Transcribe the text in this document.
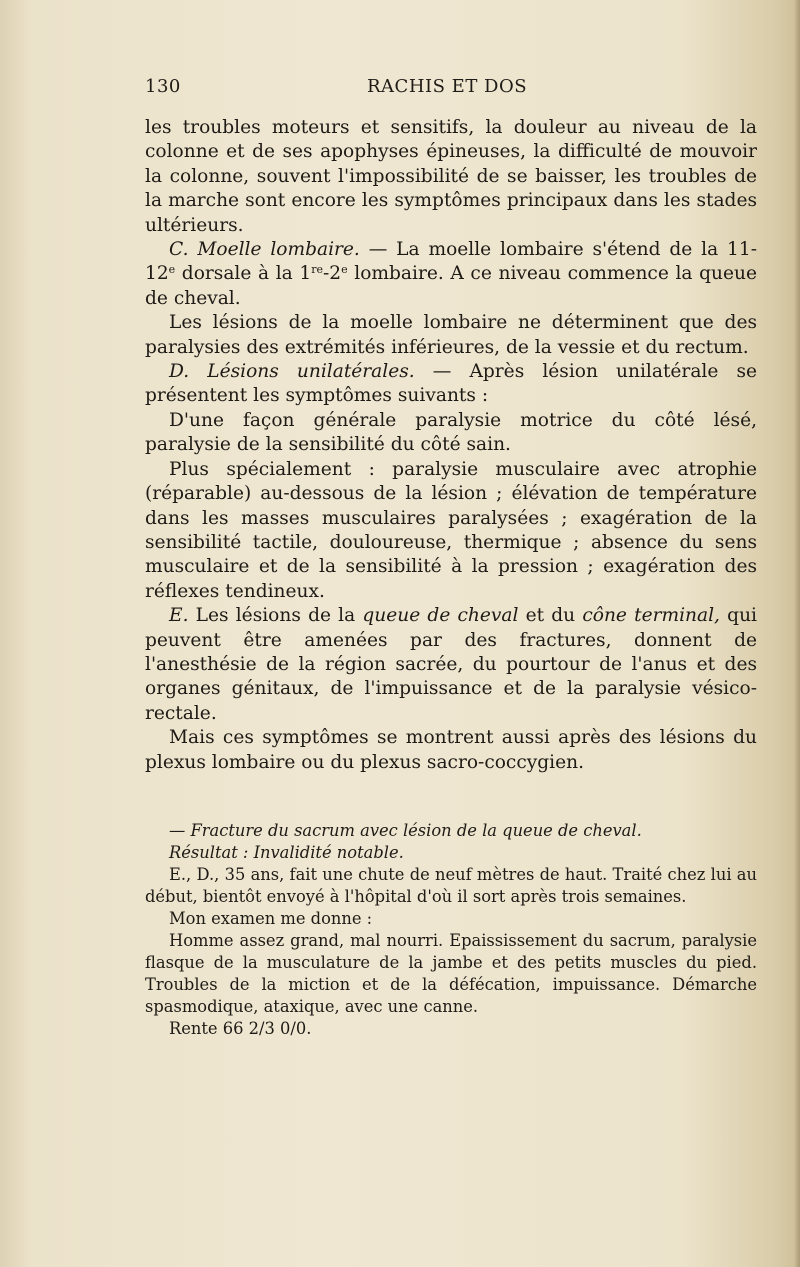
130	RACHIS ET DOS

les troubles moteurs et sensitifs, la douleur au niveau de la colonne et de ses apophyses épineuses, la difficulté de mouvoir la colonne, souvent l'impossibilité de se baisser, les troubles de la marche sont encore les symptômes principaux dans les stades ultérieurs.

C. Moelle lombaire. — La moelle lombaire s'étend de la 11-12e dorsale à la 1re-2e lombaire. A ce niveau commence la queue de cheval.

Les lésions de la moelle lombaire ne déterminent que des paralysies des extrémités inférieures, de la vessie et du rectum.

D. Lésions unilatérales. — Après lésion unilatérale se présentent les symptômes suivants :

D'une façon générale paralysie motrice du côté lésé, paralysie de la sensibilité du côté sain.

Plus spécialement : paralysie musculaire avec atrophie (réparable) au-dessous de la lésion ; élévation de température dans les masses musculaires paralysées ; exagération de la sensibilité tactile, douloureuse, thermique ; absence du sens musculaire et de la sensibilité à la pression ; exagération des réflexes tendineux.

E. Les lésions de la queue de cheval et du cône terminal, qui peuvent être amenées par des fractures, donnent de l'anesthésie de la région sacrée, du pourtour de l'anus et des organes génitaux, de l'impuissance et de la paralysie vésico-rectale.

Mais ces symptômes se montrent aussi après des lésions du plexus lombaire ou du plexus sacro-coccygien.

— Fracture du sacrum avec lésion de la queue de cheval.

Résultat : Invalidité notable.

E., D., 35 ans, fait une chute de neuf mètres de haut. Traité chez lui au début, bientôt envoyé à l'hôpital d'où il sort après trois semaines.

Mon examen me donne :

Homme assez grand, mal nourri. Epaississement du sacrum, paralysie flasque de la musculature de la jambe et des petits muscles du pied. Troubles de la miction et de la défécation, impuissance. Démarche spasmodique, ataxique, avec une canne.

Rente 66 2/3 0/0.
